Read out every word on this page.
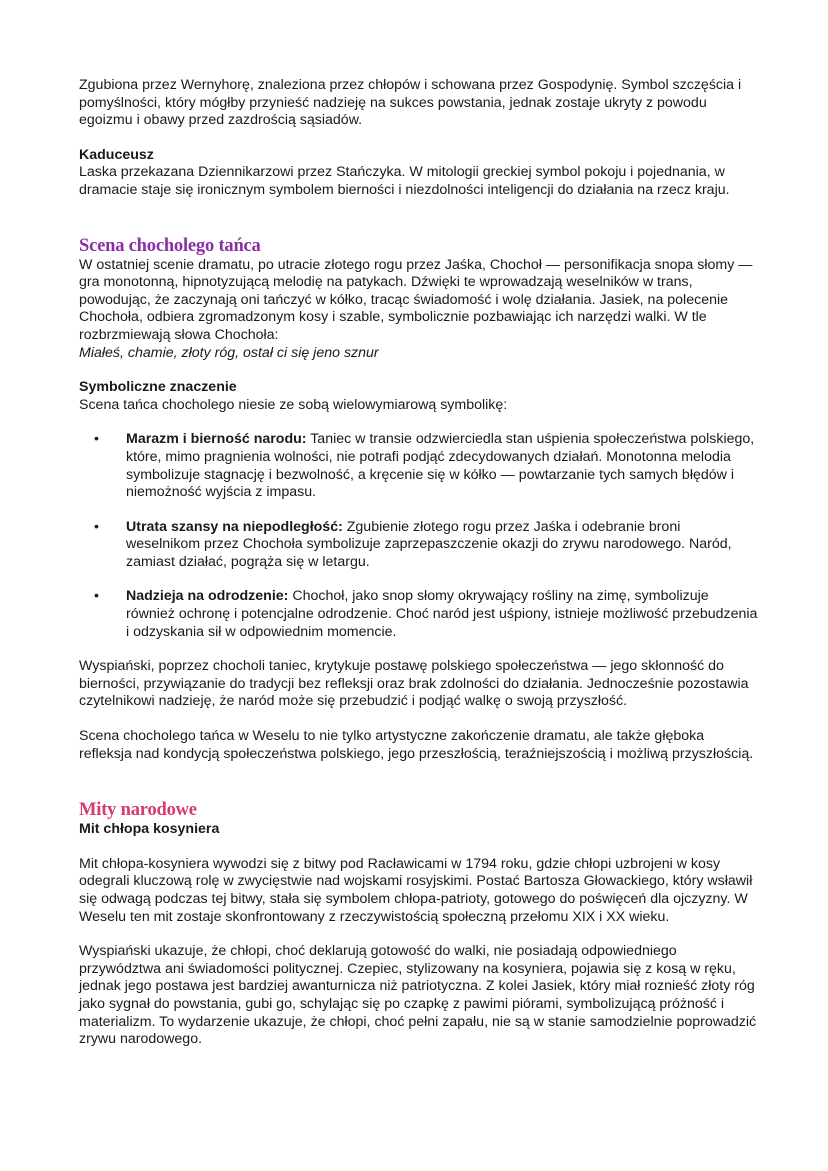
Zgubiona przez Wernyhorę, znaleziona przez chłopów i schowana przez Gospodynię. Symbol szczęścia i pomyślności, który mógłby przynieść nadzieję na sukces powstania, jednak zostaje ukryty z powodu egoizmu i obawy przed zazdrością sąsiadów.

Kaduceusz

Laska przekazana Dziennikarzowi przez Stańczyka. W mitologii greckiej symbol pokoju i pojednania, w dramacie staje się ironicznym symbolem bierności i niezdolności inteligencji do działania na rzecz kraju.

Scena chocholego tańca

W ostatniej scenie dramatu, po utracie złotego rogu przez Jaśka, Chochoł — personifikacja snopa słomy — gra monotonną, hipnotyzującą melodię na patykach. Dźwięki te wprowadzają weselników w trans, powodując, że zaczynają oni tańczyć w kółko, tracąc świadomość i wolę działania. Jasiek, na polecenie Chochoła, odbiera zgromadzonym kosy i szable, symbolicznie pozbawiając ich narzędzi walki. W tle rozbrzmiewają słowa Chochoła:

Miałeś, chamie, złoty róg, ostał ci się jeno sznur

Symboliczne znaczenie

Scena tańca chocholego niesie ze sobą wielowymiarową symbolikę:

• Marazm i bierność narodu: Taniec w transie odzwierciedla stan uśpienia społeczeństwa polskiego, które, mimo pragnienia wolności, nie potrafi podjąć zdecydowanych działań. Monotonna melodia symbolizuje stagnację i bezwolność, a kręcenie się w kółko — powtarzanie tych samych błędów i niemożność wyjścia z impasu.
• Utrata szansy na niepodległość: Zgubienie złotego rogu przez Jaśka i odebranie broni weselnikom przez Chochoła symbolizuje zaprzepaszczenie okazji do zrywu narodowego. Naród, zamiast działać, pogrąża się w letargu.
• Nadzieja na odrodzenie: Chochoł, jako snop słomy okrywający rośliny na zimę, symbolizuje również ochronę i potencjalne odrodzenie. Choć naród jest uśpiony, istnieje możliwość przebudzenia i odzyskania sił w odpowiednim momencie.

Wyspiański, poprzez chocholi taniec, krytykuje postawę polskiego społeczeństwa — jego skłonność do bierności, przywiązanie do tradycji bez refleksji oraz brak zdolności do działania. Jednocześnie pozostawia czytelnikowi nadzieję, że naród może się przebudzić i podjąć walkę o swoją przyszłość.

Scena chocholego tańca w Weselu to nie tylko artystyczne zakończenie dramatu, ale także głęboka refleksja nad kondycją społeczeństwa polskiego, jego przeszłością, teraźniejszością i możliwą przyszłością.

Mity narodowe

Mit chłopa kosyniera

Mit chłopa-kosyniera wywodzi się z bitwy pod Racławicami w 1794 roku, gdzie chłopi uzbrojeni w kosy odegrali kluczową rolę w zwycięstwie nad wojskami rosyjskimi. Postać Bartosza Głowackiego, który wsławił się odwagą podczas tej bitwy, stała się symbolem chłopa-patrioty, gotowego do poświęceń dla ojczyzny. W Weselu ten mit zostaje skonfrontowany z rzeczywistością społeczną przełomu XIX i XX wieku.

Wyspiański ukazuje, że chłopi, choć deklarują gotowość do walki, nie posiadają odpowiedniego przywództwa ani świadomości politycznej. Czepiec, stylizowany na kosyniera, pojawia się z kosą w ręku, jednak jego postawa jest bardziej awanturnicza niż patriotyczna. Z kolei Jasiek, który miał roznieść złoty róg jako sygnał do powstania, gubi go, schylając się po czapkę z pawimi piórami, symbolizującą próżność i materializm. To wydarzenie ukazuje, że chłopi, choć pełni zapału, nie są w stanie samodzielnie poprowadzić zrywu narodowego.
